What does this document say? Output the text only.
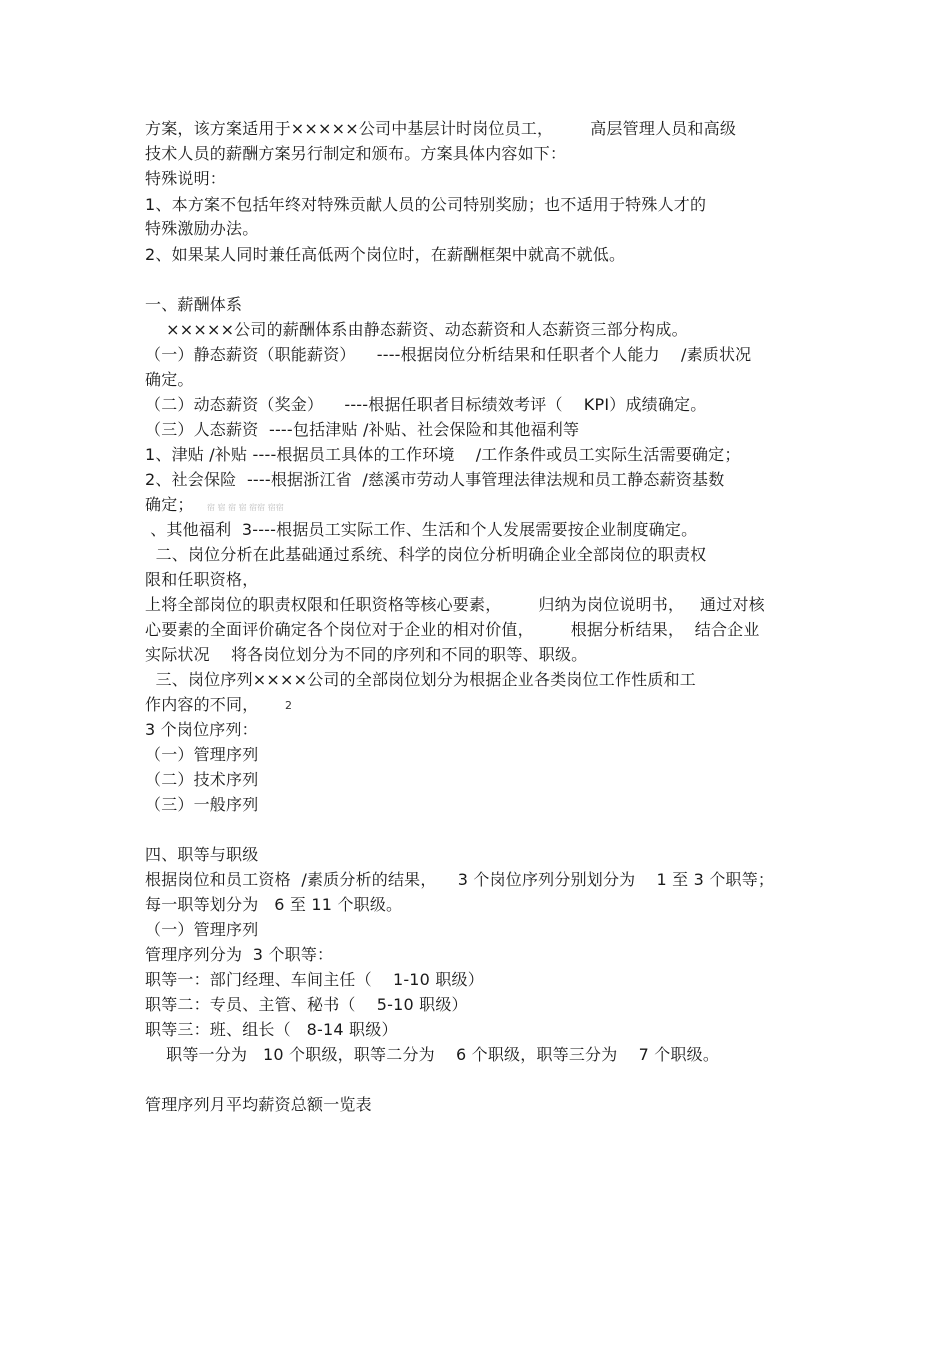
方案，该方案适用于×××××公司中基层计时岗位员工，       高层管理人员和高级
技术人员的薪酬方案另行制定和颁布。方案具体内容如下：
特殊说明：
1、本方案不包括年终对特殊贡献人员的公司特别奖励；也不适用于特殊人才的
特殊激励办法。
2、如果某人同时兼任高低两个岗位时，在薪酬框架中就高不就低。
一、薪酬体系
×××××公司的薪酬体系由静态薪资、动态薪资和人态薪资三部分构成。
（一）静态薪资（职能薪资）    ----根据岗位分析结果和任职者个人能力    /素质状况
确定。
（二）动态薪资（奖金）    ----根据任职者目标绩效考评（    KPI）成绩确定。
（三）人态薪资  ----包括津贴 /补贴、社会保险和其他福利等
1、津贴 /补贴 ----根据员工具体的工作环境    /工作条件或员工实际生活需要确定；
2、社会保险  ----根据浙江省  /慈溪市劳动人事管理法律法规和员工静态薪资基数
确定； 宿 宿 宿 宿 宿宿 宿宿
、其他福利  3----根据员工实际工作、生活和个人发展需要按企业制度确定。
二、岗位分析在此基础通过系统、科学的岗位分析明确企业全部岗位的职责权
限和任职资格，
上将全部岗位的职责权限和任职资格等核心要素，       归纳为岗位说明书，   通过对核
心要素的全面评价确定各个岗位对于企业的相对价值，       根据分析结果，  结合企业
实际状况    将各岗位划分为不同的序列和不同的职等、职级。
三、岗位序列××××公司的全部岗位划分为根据企业各类岗位工作性质和工
作内容的不同， 2
3 个岗位序列：
（一）管理序列
（二）技术序列
（三）一般序列
四、职等与职级
根据岗位和员工资格  /素质分析的结果，    3 个岗位序列分别划分为    1 至 3 个职等；
每一职等划分为   6 至 11 个职级。
（一）管理序列
管理序列分为  3 个职等：
职等一：部门经理、车间主任（    1-10 职级）
职等二：专员、主管、秘书（    5-10 职级）
职等三：班、组长（   8-14 职级）
职等一分为   10 个职级，职等二分为    6 个职级，职等三分为    7 个职级。
管理序列月平均薪资总额一览表
